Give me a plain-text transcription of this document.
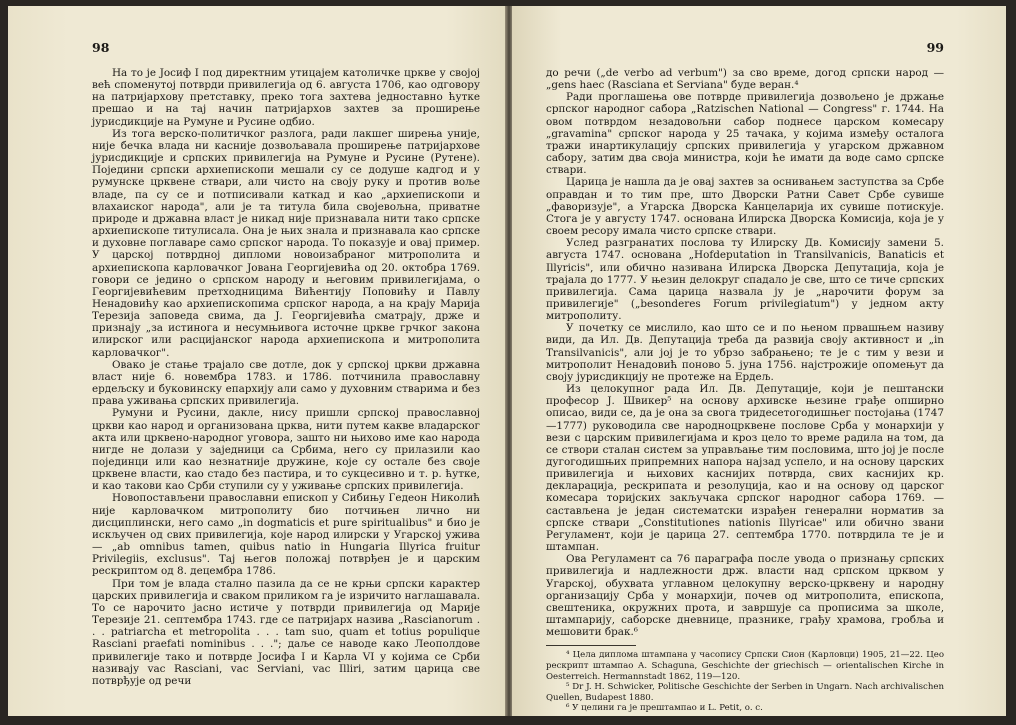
98

На то је Јосиф I под директним утицајем католичке цркве у својој већ споменутој потврди привилегија од 6. августа 1706, као одговору на патријархову претставку, преко тога захтева једноставно ћутке прешао и на тај начин патријархов захтев за проширење јурисдикције на Румуне и Русине одбио.

Из тога верско-политичког разлога, ради лакшег ширења уније, није бечка влада ни касније дозвољавала проширење патријархове јурисдикције и српских привилегија на Румуне и Русине (Рутене). Поједини српски архиепископи мешали су се додуше кадгод и у румунске црквене ствари, али чисто на своју руку и против воље владе, па су се и потписивали каткад и као „архиепископи и влахаиског народа", али је та титула била својевољна, приватне природе и државна власт је никад није признавала нити тако српске архиепископе титулисала. Она је њих знала и признавала као српске и духовне поглаваре само српског народа. То показује и овај пример. У царској потврдној дипломи новоизабраног митрополита и архиепископа карловачког Јована Георгијевића од 20. октобра 1769. говори се једино о српском народу и његовим привилегијама, о Георгијевићевим претходницима Вићентију Поповићу и Павлу Ненадовићу као архиепископима српског народа, а на крају Марија Терезија заповеда свима, да Ј. Георгијевића сматрају, држе и признају „за истинога и несумњивога источне цркве грчког закона илирског или расцијанског народа архиепископа и митрополита карловачког".

Овако је стање трајало све дотле, док у српској цркви државна власт није 6. новембра 1783. и 1786. потчинила православну ердељску и буковинску епархију али само у духовним стварима и без права уживања српских привилегија.

Румуни и Русини, дакле, нису пришли српској православној цркви као народ и организована црква, нити путем какве владарског акта или црквено-народног уговора, зашто ни њихово име као народа нигде не долази у заједници са Србима, него су прилазили као појединци или као незнатније дружине, које су остале без своје црквене власти, као стадо без пастира, и то сукцесивно и т. р. ћутке, и као такови као Срби ступили су у уживање српских привилегија.

Новопостављени православни епископ у Сибињу Гедеон Николић није карловачком митрополиту био потчињен лично ни дисциплински, него само „in dogmaticis et pure spiritualibus" и био је искључен од свих привилегија, које народ илирски у Угарској ужива — „ab omnibus tamen, quibus natio in Hungaria Illyrica fruitur Privilegiis, exclusus". Тај његов положај потврђен је и царским рескриптом од 8. децембра 1786.

При том је влада стално пазила да се не крњи српски карактер царских привилегија и сваком приликом га је изричито наглашавала. То се нарочито јасно истиче у потврди привилегија од Марије Терезије 21. септембра 1743. где се патријарх назива „Rascianorum . . . patriarcha et metropolita . . . tam suo, quam et totius populique Rasciani praefati nominibus . . ."; даље се наводе како Леополдове привилегије тако и потврде Јосифа I и Карла VI у којима се Срби називају vac Rasciani, vac Serviani, vac Illiri, затим царица све потврђује од речи

99

до речи („de verbo ad verbum") за сво време, догод српски народ — „gens haec (Rasciana et Serviana" буде веран.⁴

Ради проглашења ове потврде привилегија дозвољено је држање српског народног сабора „Ratzischen National — Congress" г. 1744. На овом потврдом незадовољни сабор поднесе царском комесару „gravamina" српског народа у 25 тачака, у којима између осталога тражи инартикулацију српских привилегија у угарском државном сабору, затим два своја министра, који ће имати да воде само српске ствари.

Царица је нашла да је овај захтев за оснивањем заступства за Србе оправдан и то тим пре, што Дворски Ратни Савет Србе сувише „фаворизује", а Угарска Дворска Канцеларија их сувише потискује. Стога је у августу 1747. основана Илирска Дворска Комисија, која је у своем ресору имала чисто српске ствари.

Услед разгранатих послова ту Илирску Дв. Комисију замени 5. августа 1747. основана „Hofdeputation in Transilvanicis, Banaticis et Illyricis", или обично називана Илирска Дворска Депутација, која је трајала до 1777. У њезин делокруг спадало је све, што се тиче српских привилегија. Сама царица назвала ју је „нарочити форум за привилегије" („besonderes Forum privilegiatum") у једном акту митрополиту.

У почетку се мислило, као што се и по њеном првашњем називу види, да Ил. Дв. Депутација треба да развија своју активност и „in Transilvanicis", али јој је то убрзо забрањено; те је с тим у вези и митрополит Ненадовић поново 5. јуна 1756. најстрожије опомењут да своју јурисдикцију не протеже на Ердељ.

Из целокупног рада Ил. Дв. Депутације, који је пештански професор Ј. Швикер⁵ на основу архивске њезине грађе опширно описао, види се, да је она за свога тридесетогодишњег постојања (1747—1777) руководила све народноцрквене послове Срба у монархији у вези с царским привилегијама и кроз цело то време радила на том, да се створи сталан систем за управљање тим пословима, што јој је после дугогодишњих припремних напора најзад успело, и на основу царских привилегија и њихових каснијих потврда, свих каснијих кр. декларација, рескрипата и резолуција, као и на основу од царског комесара торијских закључака српског народног сабора 1769. — састављена је један систематски израђен генерални норматив за српске ствари „Constitutiones nationis Illyricae" или обично звани Регуламент, који је царица 27. септембра 1770. потврдила те је и штампан.

Ова Регуламент са 76 параграфа после увода о признању српских привилегија и надлежности држ. власти над српском црквом у Угарској, обухвата углавном целокупну верско-црквену и народну организацију Срба у монархији, почев од митрополита, епископа, свештеника, окружних прота, и завршује са прописима за школе, штампарију, саборске дневнице, празнике, грађу храмова, гробља и мешовити брак.⁶

⁴ Цела диплома штампана у часопису Српски Сион (Карловци) 1905, 21—22. Цео рескрипт штампао А. Schaguna, Geschichte der griechisch — orientalischen Kirche in Oesterreich. Hermannstadt 1862, 119—120.

⁵ Dr J. H. Schwicker, Politische Geschichte der Serben in Ungarn. Nach archivalischen Quellen, Budapest 1880.

⁶ У целини га је прештампао и L. Petit, o. c.
